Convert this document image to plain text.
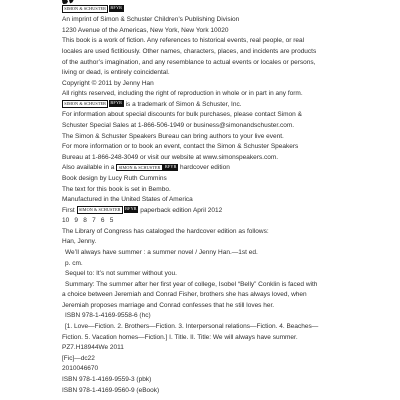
SIMON & SCHUSTER BFYR
An imprint of Simon & Schuster Children’s Publishing Division
1230 Avenue of the Americas, New York, New York 10020
This book is a work of fiction. Any references to historical events, real people, or real
locales are used fictitiously. Other names, characters, places, and incidents are products
of the author’s imagination, and any resemblance to actual events or locales or persons,
living or dead, is entirely coincidental.
Copyright © 2011 by Jenny Han
All rights reserved, including the right of reproduction in whole or in part in any form.
SIMON & SCHUSTER BFYR is a trademark of Simon & Schuster, Inc.
For information about special discounts for bulk purchases, please contact Simon &
Schuster Special Sales at 1-866-506-1949 or business@simonandschuster.com.
The Simon & Schuster Speakers Bureau can bring authors to your live event.
For more information or to book an event, contact the Simon & Schuster Speakers
Bureau at 1-866-248-3049 or visit our website at www.simonspeakers.com.
Also available in a SIMON & SCHUSTER BFYR hardcover edition
Book design by Lucy Ruth Cummins
The text for this book is set in Bembo.
Manufactured in the United States of America
First SIMON & SCHUSTER BFYR paperback edition April 2012
10 9 8 7 6 5
The Library of Congress has cataloged the hardcover edition as follows:
Han, Jenny.
We’ll always have summer : a summer novel / Jenny Han.—1st ed.
p. cm.
Sequel to: It’s not summer without you.
Summary: The summer after her first year of college, Isobel “Belly” Conklin is faced with
a choice between Jeremiah and Conrad Fisher, brothers she has always loved, when
Jeremiah proposes marriage and Conrad confesses that he still loves her.
ISBN 978-1-4169-9558-6 (hc)
[1. Love—Fiction. 2. Brothers—Fiction. 3. Interpersonal relations—Fiction. 4. Beaches—
Fiction. 5. Vacation homes—Fiction.] I. Title. II. Title: We will always have summer.
PZ7.H18944We 2011
[Fic]—dc22
2010046670
ISBN 978-1-4169-9559-3 (pbk)
ISBN 978-1-4169-9560-9 (eBook)
